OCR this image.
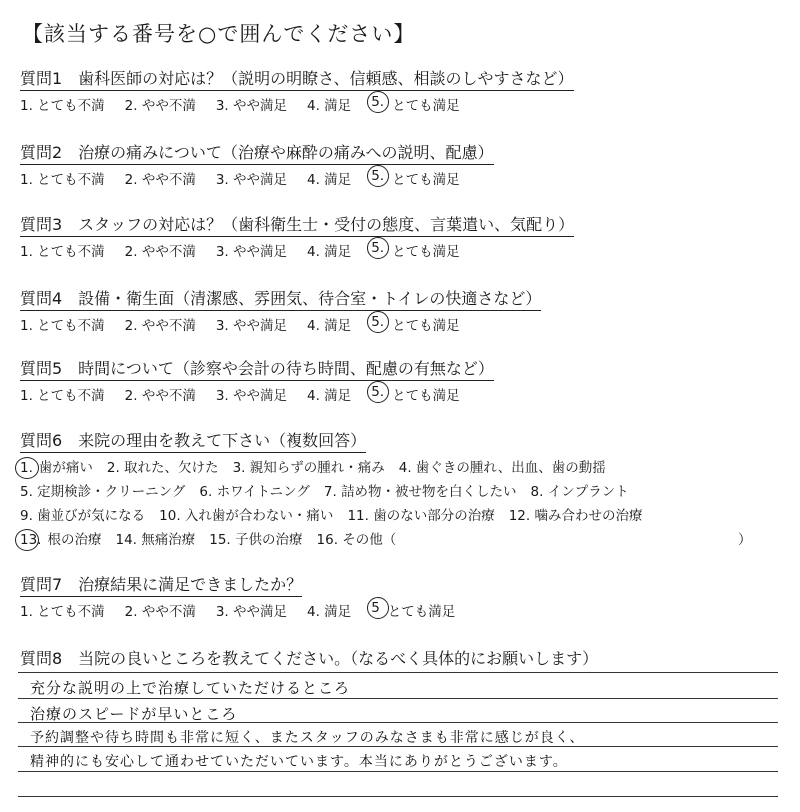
【該当する番号を○で囲んでください】
質問1　歯科医師の対応は？（説明の明瞭さ、信頼感、相談のしやすさなど）
1. とても不満 2. やや不満 3. やや満足 4. 満足 5. とても満足
質問2　治療の痛みについて（治療や麻酔の痛みへの説明、配慮）
1. とても不満 2. やや不満 3. やや満足 4. 満足 5. とても満足
質問3　スタッフの対応は？（歯科衛生士・受付の態度、言葉遣い、気配り）
1. とても不満 2. やや不満 3. やや満足 4. 満足 5. とても満足
質問4　設備・衛生面（清潔感、雰囲気、待合室・トイレの快適さなど）
1. とても不満 2. やや不満 3. やや満足 4. 満足 5. とても満足
質問5　時間について（診察や会計の待ち時間、配慮の有無など）
1. とても不満 2. やや不満 3. やや満足 4. 満足 5. とても満足
質問6　来院の理由を教えて下さい（複数回答）
1. 歯が痛い 2. 取れた、欠けた 3. 親知らずの腫れ・痛み 4. 歯ぐきの腫れ、出血、歯の動揺
5. 定期検診・クリーニング 6. ホワイトニング 7. 詰め物・被せ物を白くしたい 8. インプラント
9. 歯並びが気になる 10. 入れ歯が合わない・痛い 11. 歯のない部分の治療 12. 噛み合わせの治療
13. 根の治療 14. 無痛治療 15. 子供の治療 16. その他（	）
質問7　治療結果に満足できましたか？
1. とても不満 2. やや不満 3. やや満足 4. 満足 5 とても満足
質問8　当院の良いところを教えてください。（なるべく具体的にお願いします）
充分な説明の上で治療していただけるところ
治療のスピードが早いところ
予約調整や待ち時間も非常に短く、またスタッフのみなさまも非常に感じが良く、
精神的にも安心して通わせていただいています。本当にありがとうございます。
